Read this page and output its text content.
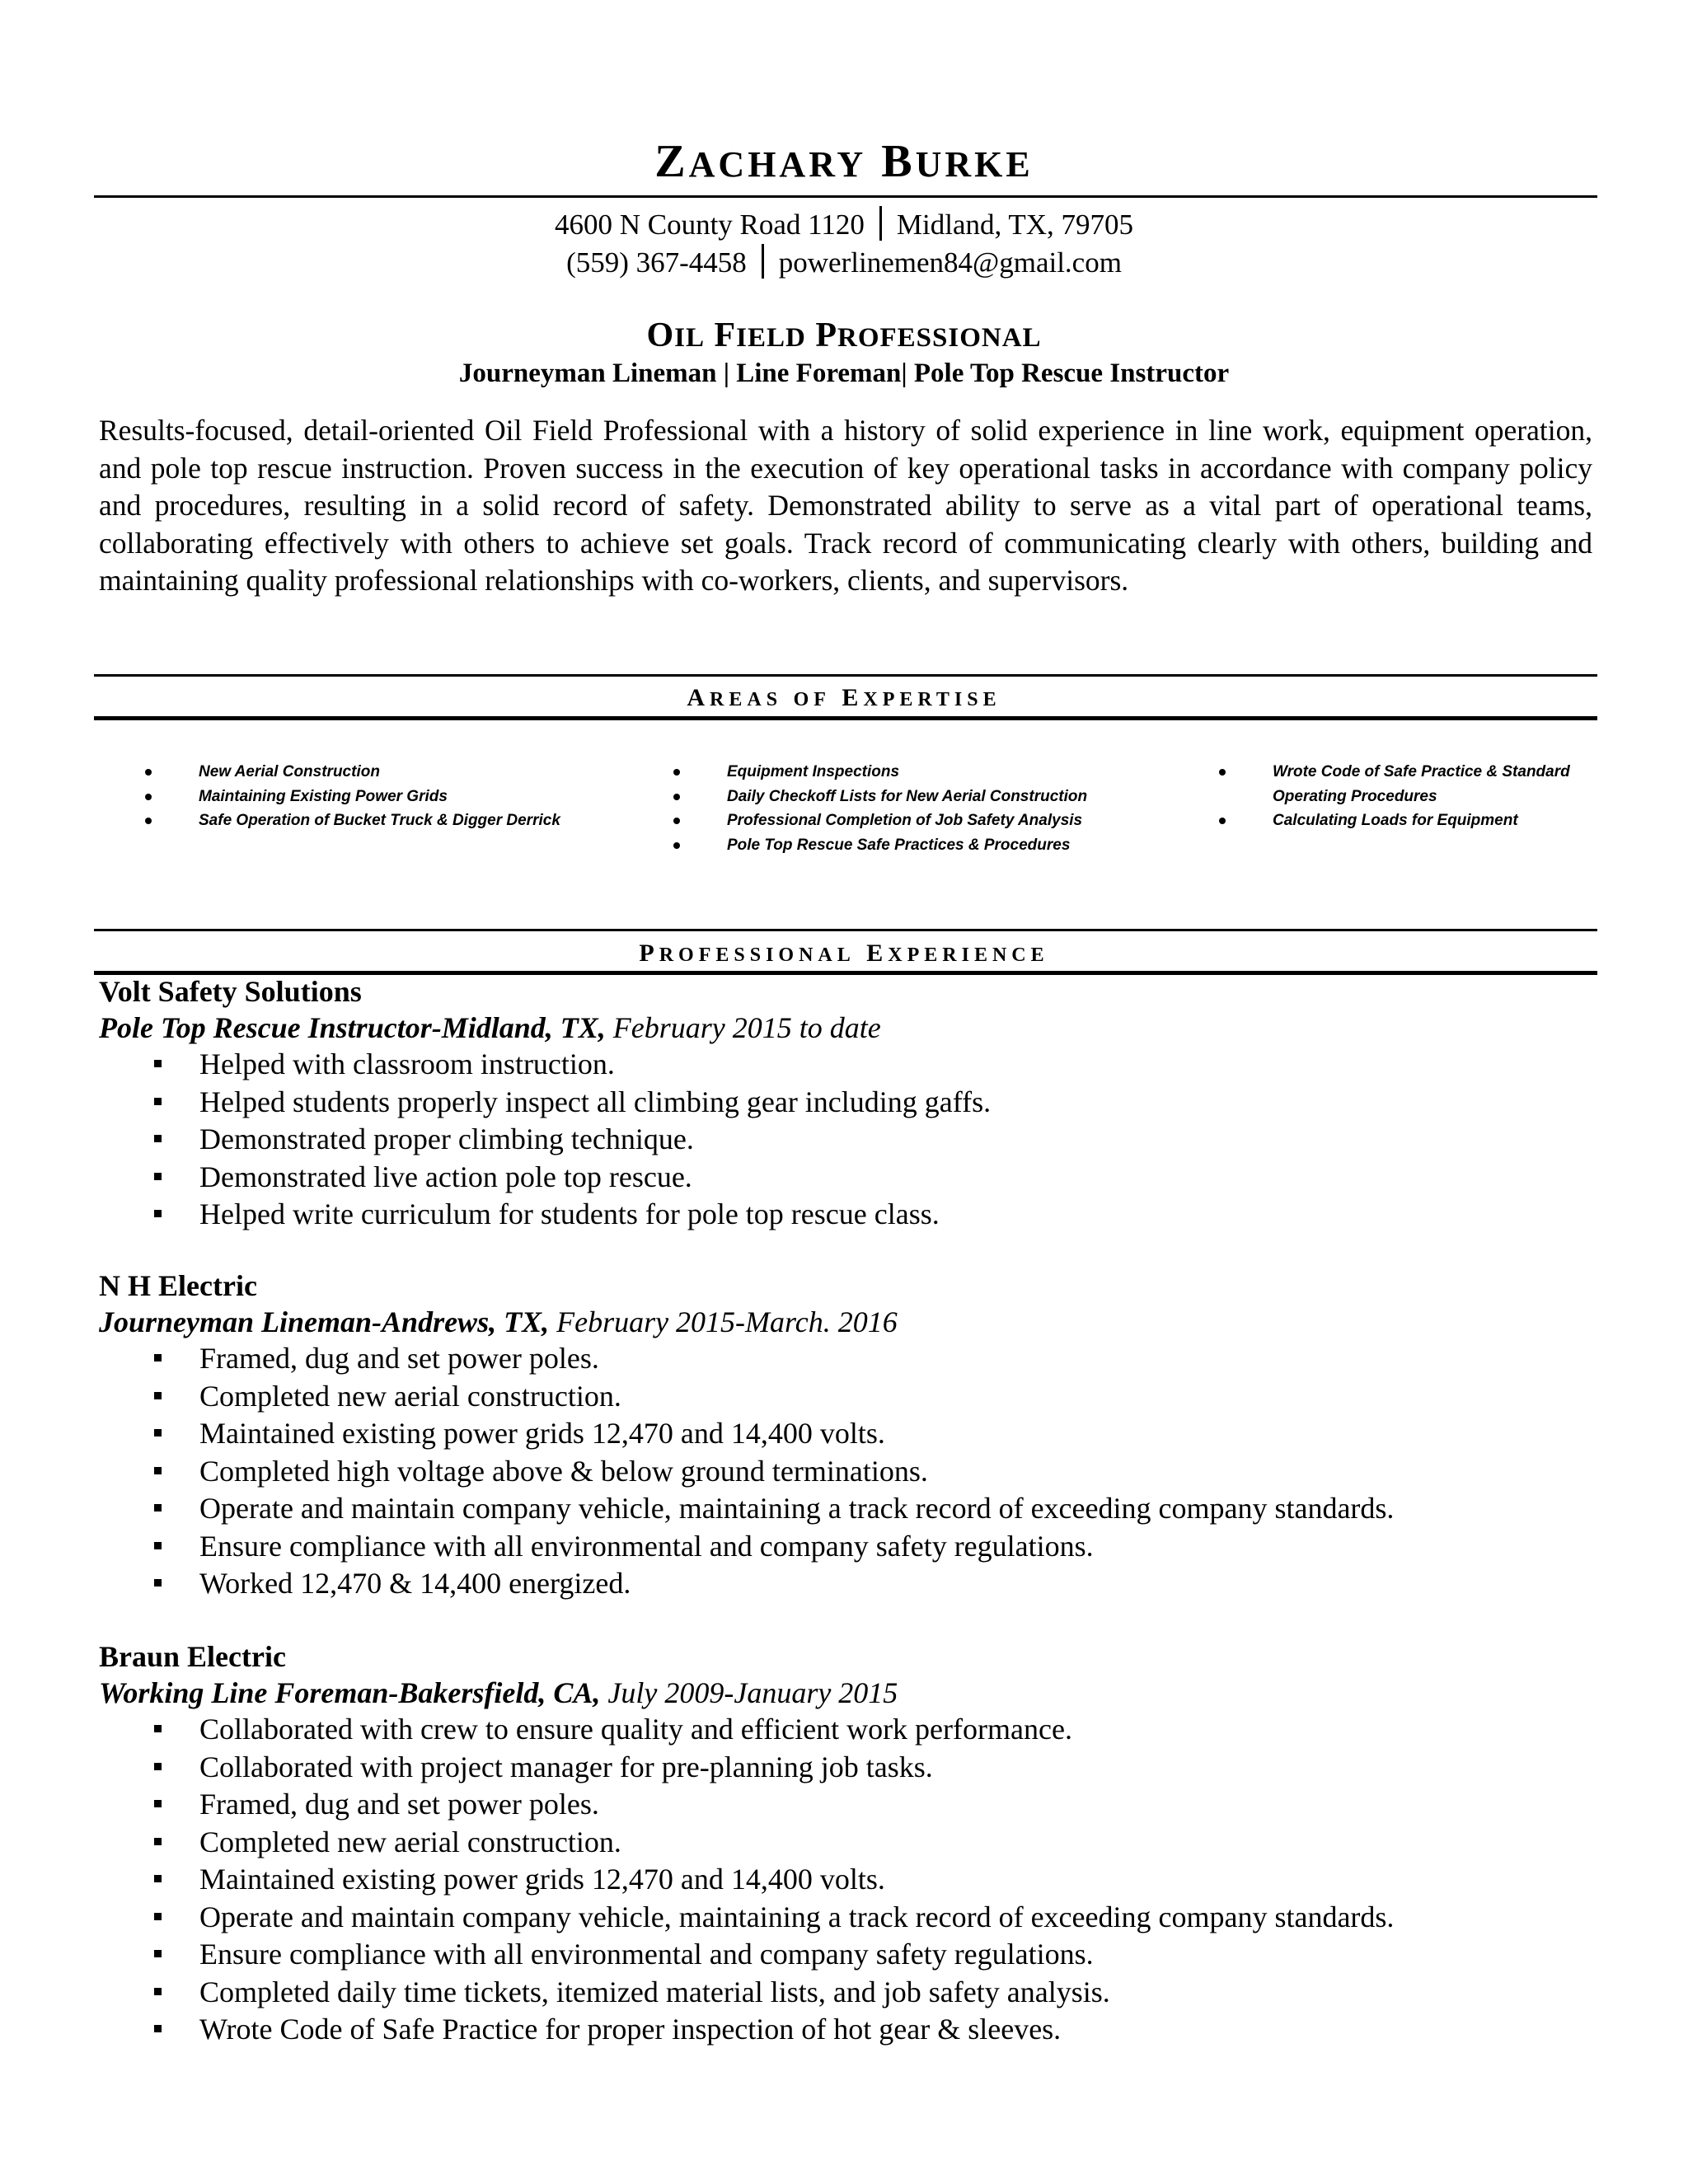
ZACHARY BURKE
4600 N County Road 1120 Midland, TX, 79705
(559) 367-4458 powerlinemen84@gmail.com
OIL FIELD PROFESSIONAL
Journeyman Lineman | Line Foreman| Pole Top Rescue Instructor

Results-focused, detail-oriented Oil Field Professional with a history of solid experience in line work, equipment operation, and pole top rescue instruction. Proven success in the execution of key operational tasks in accordance with company policy and procedures, resulting in a solid record of safety. Demonstrated ability to serve as a vital part of operational teams, collaborating effectively with others to achieve set goals. Track record of communicating clearly with others, building and maintaining quality professional relationships with co-workers, clients, and supervisors.

AREAS OF EXPERTISE
New Aerial Construction
Maintaining Existing Power Grids
Safe Operation of Bucket Truck & Digger Derrick
Equipment Inspections
Daily Checkoff Lists for New Aerial Construction
Professional Completion of Job Safety Analysis
Pole Top Rescue Safe Practices & Procedures
Wrote Code of Safe Practice & Standard
Operating Procedures
Calculating Loads for Equipment
PROFESSIONAL EXPERIENCE
Volt Safety Solutions
Pole Top Rescue Instructor-Midland, TX, February 2015 to date
Helped with classroom instruction.
Helped students properly inspect all climbing gear including gaffs.
Demonstrated proper climbing technique.
Demonstrated live action pole top rescue.
Helped write curriculum for students for pole top rescue class.
N H Electric
Journeyman Lineman-Andrews, TX, February 2015-March. 2016
Framed, dug and set power poles.
Completed new aerial construction.
Maintained existing power grids 12,470 and 14,400 volts.
Completed high voltage above & below ground terminations.
Operate and maintain company vehicle, maintaining a track record of exceeding company standards.
Ensure compliance with all environmental and company safety regulations.
Worked 12,470 & 14,400 energized.
Braun Electric
Working Line Foreman-Bakersfield, CA, July 2009-January 2015
Collaborated with crew to ensure quality and efficient work performance.
Collaborated with project manager for pre-planning job tasks.
Framed, dug and set power poles.
Completed new aerial construction.
Maintained existing power grids 12,470 and 14,400 volts.
Operate and maintain company vehicle, maintaining a track record of exceeding company standards.
Ensure compliance with all environmental and company safety regulations.
Completed daily time tickets, itemized material lists, and job safety analysis.
Wrote Code of Safe Practice for proper inspection of hot gear & sleeves.
